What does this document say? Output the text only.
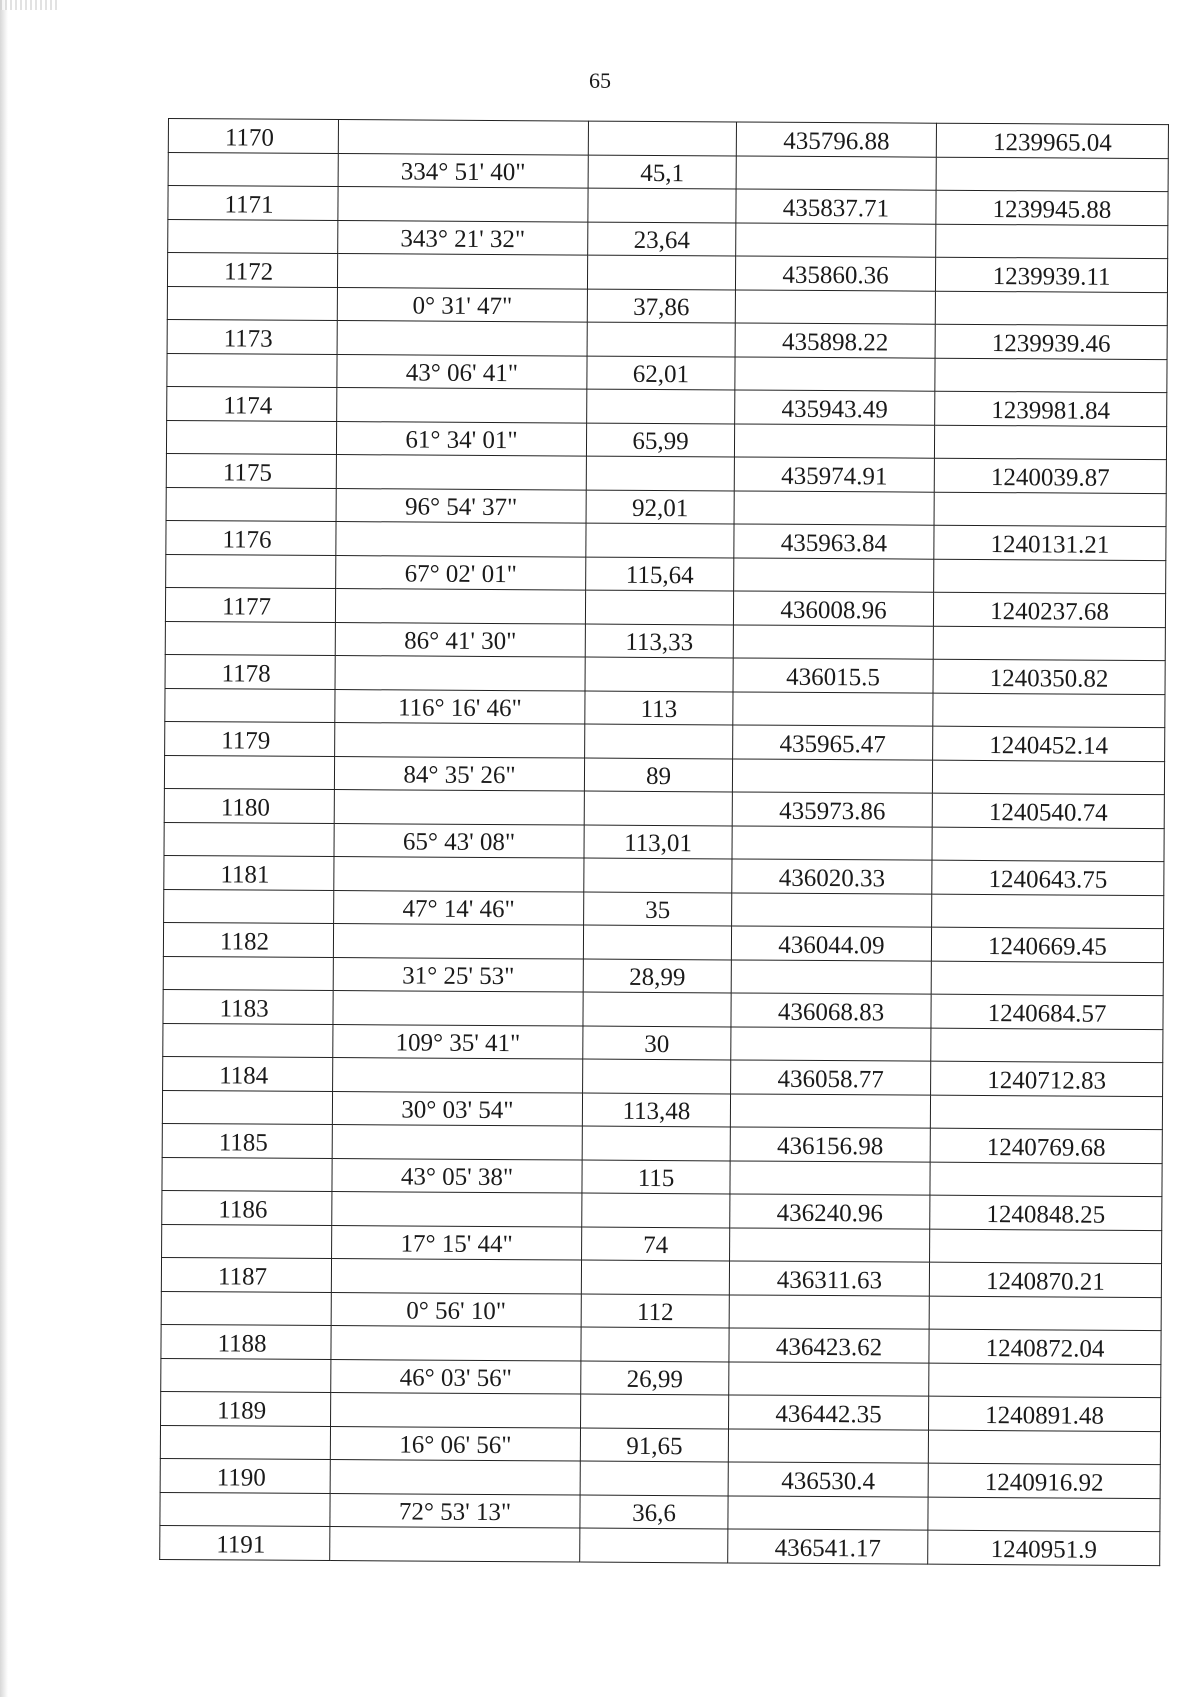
65
1170			435796.88	1239965.04
	334° 51' 40"	45,1		
1171			435837.71	1239945.88
	343° 21' 32"	23,64		
1172			435860.36	1239939.11
	0° 31' 47"	37,86		
1173			435898.22	1239939.46
	43° 06' 41"	62,01		
1174			435943.49	1239981.84
	61° 34' 01"	65,99		
1175			435974.91	1240039.87
	96° 54' 37"	92,01		
1176			435963.84	1240131.21
	67° 02' 01"	115,64		
1177			436008.96	1240237.68
	86° 41' 30"	113,33		
1178			436015.5	1240350.82
	116° 16' 46"	113		
1179			435965.47	1240452.14
	84° 35' 26"	89		
1180			435973.86	1240540.74
	65° 43' 08"	113,01		
1181			436020.33	1240643.75
	47° 14' 46"	35		
1182			436044.09	1240669.45
	31° 25' 53"	28,99		
1183			436068.83	1240684.57
	109° 35' 41"	30		
1184			436058.77	1240712.83
	30° 03' 54"	113,48		
1185			436156.98	1240769.68
	43° 05' 38"	115		
1186			436240.96	1240848.25
	17° 15' 44"	74		
1187			436311.63	1240870.21
	0° 56' 10"	112		
1188			436423.62	1240872.04
	46° 03' 56"	26,99		
1189			436442.35	1240891.48
	16° 06' 56"	91,65		
1190			436530.4	1240916.92
	72° 53' 13"	36,6		
1191			436541.17	1240951.9
